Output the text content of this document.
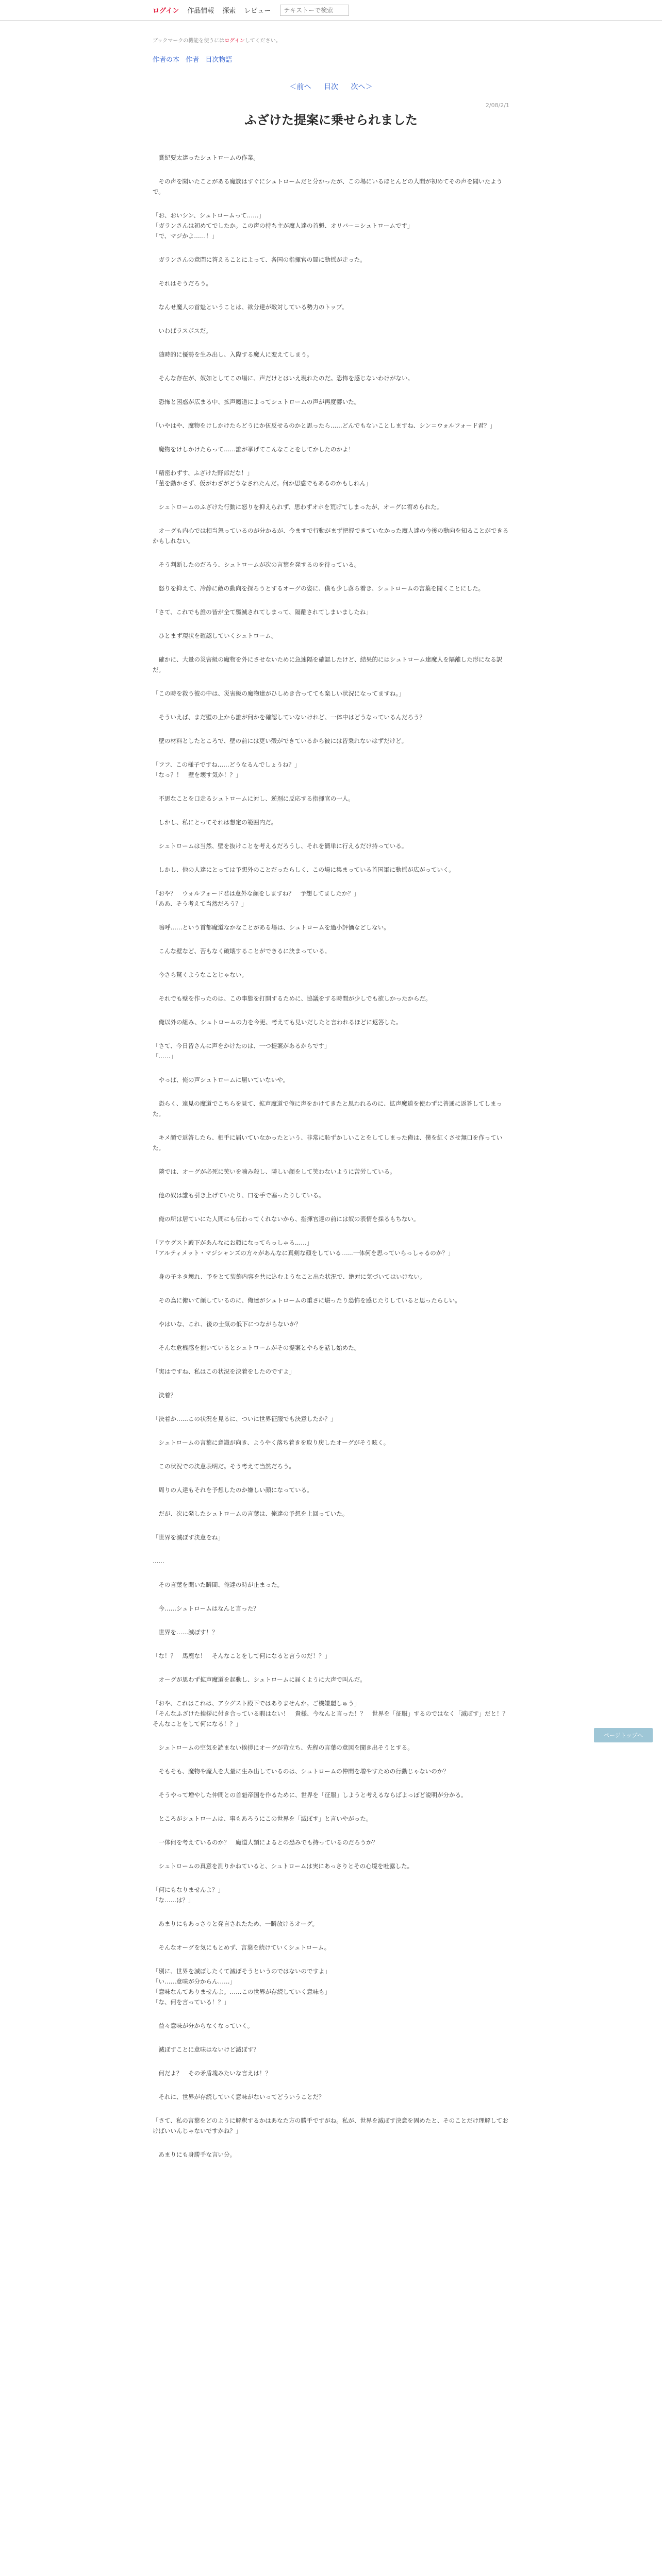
ログイン 作品情報 探索 レビュー
テキストーで検索
ブックマークの機能を使うにはログインしてください。
作者の本 作者 目次物語
＜前へ 目次 次へ＞
2/08/2/1
ふざけた提案に乗せられました

　賞紀要太達ったシュトロームの作業。

　その声を聞いたことがある魔族はすぐにシュトロームだと分かったが、この場にいるほとんどの人間が初めてその声を聞いたようで。

「お、おいシン、シュトロームって……」
「ガランさんは初めてでしたか。この声の持ち主が魔人達の首魁、オリバー＝シュトロームです」
「で、マジかよ……！」

　ガランさんの意問に答えることによって、各国の指揮官の間に動揺が走った。

　それはそうだろう。

　なんせ魔人の首魁ということは、欲分達が敵対している勢力のトップ。

　いわばラスボスだ。

　随時的に優勢を生み出し、入際する魔人に変えてしまう。

　そんな存在が、奴如としてこの場に、声だけとはいえ現れたのだ。恐怖を感じないわけがない。

　恐怖と困惑が広まる中、拡声魔道によってシュトロームの声が再度響いた。

「いやはや、魔物をけしかけたらどうにか伍反せるのかと思ったら……どんでもないことしますね、シン＝ウォルフォード君？」

　魔物をけしかけたらって……誰が挙げてこんなことをしてかしたのかよ！

「精密わずす、ふざけた野郎だな！」
「菫を動かさず、仮がわざがどうなされたんだ。何か思惑でもあるのかもしれん」

　シュトロームのふざけた行動に怒りを抑えられず、思わずオホを荒げてしまったが、オーグに宥められた。

　オーグも内心では相当怒っているのが分かるが、今ますで行動がまず把握できていなかった魔人達の今後の動向を知ることができるかもしれない。

　そう判断したのだろう、シュトロームが次の言葉を発するのを待っている。

　怒りを抑えて、冷静に敵の動向を探ろうとするオーグの姿に、僕も少し落ち着き、シュトロームの言葉を聞くことにした。

「さて、これでも誰の皆が全て殲滅されてしまって、隔離されてしまいましたね」

　ひとまず現状を確認していくシュトローム。

　確かに、大量の災害級の魔物を外にさせないために急速隔を確認したけど、結果的にはシュトローム達魔人を隔離した形になる訳だ。

「この時を救う彼の中は、災害級の魔物達がひしめき合ってても楽しい状況になってますね。」

　そういえば、まだ壁の上から誰が何かを確認していないけれど、一体中はどうなっているんだろう？

　壁の材料としたところで、壁の前には更い殻ができているから彼には皆乗れないはずだけど。

「フフ、この様子ですね……どうなるんでしょうね？」
「なっ？！　壁を壊す気か！？」

　不思なことを口走るシュトロームに対し、逆剤に反応する指揮官の一人。

　しかし、私にとってそれは想定の範囲内だ。

　シュトロームは当然、壁を抜けことを考えるだろうし、それを簡単に行えるだけ持っている。

　しかし、他の人達にとっては予想外のことだったらしく、この場に集まっている首国軍に動揺が広がっていく。

「おや？　ウォルフォード君は意外な顔をしますね？　予想してましたか？」
「ああ、そう考えて当然だろう？」

　嗚呼……という首都魔道なかなことがある場は、シュトロームを過小評価などしない。

　こんな壁など、苦もなく破壊することができるに決まっている。

　今さら驚くようなことじゃない。

　それでも壁を作ったのは、この事態を打開するために、協議をする時間が少しでも欲しかったからだ。

　俺以外の組み、シュトロームの力を今更、考えても見いだしたと言われるほどに返答した。

「さて、今日皆さんに声をかけたのは、一つ提案があるからです」
「……」

　やっぱ、俺の声シュトロームに届いていないや。

　恐らく、遠見の魔道でこちらを見て、拡声魔道で俺に声をかけてきたと思われるのに、拡声魔道を使わずに普通に返答してしまった。

　キメ顔で返答したら、相手に届いていなかったという、非常に恥ずかしいことをしてしまった俺は、僕を紅くさせ無口を作っていた。

　隣では、オーグが必死に笑いを噛み殺し、隣しい顔をして笑わないように苦労している。

　他の奴は誰も引き上げていたり、口を手で塞ったりしている。

　俺の所は居ていにた人間にも伝わってくれないから、指揮官達の前には奴の表情を採るもちない。

「アウグスト殿下があんなにお顔になってらっしゃる……」
「アルティメット・マジシャンズの方々があんなに真剣な顔をしている……一体何を思っていらっしゃるのか？」

　身の子ネタ壊れ、予をとて装飾内容を共に込むようなこと出た状況で、絶対に気づいてはいけない。

　その為に俯いて顔しているのに、俺達がシュトロームの重さに堪ったり恐怖を感じたりしていると思ったらしい。

　やはいな、これ、後の士気の低下につながらないか？

　そんな危機感を抱いているとシュトロームがその提案とやらを話し始めた。

「実はですね、私はこの状況を決着をしたのですよ」

　決着？

「決着か……この状況を見るに、ついに世界征服でも決意したか？」

　シュトロームの言葉に意識が向き、ようやく落ち着きを取り戻したオーグがそう呟く。

　この状況での決意表明だ。そう考えて当然だろう。

　周りの人達もそれを予想したのか嫌しい顔になっている。

　だが、次に発したシュトロームの言葉は、俺達の予想を上回っていた。

「世界を滅ぼす決意をね」

……

　その言葉を聞いた瞬間、俺達の時が止まった。

　今……シュトロームはなんと言った？

　世界を……滅ぼす！？

「な！？　馬鹿な！　そんなことをして何になると言うのだ！？」

　オーグが思わず拡声魔道を起動し、シュトロームに届くように大声で叫んだ。

「おや、これはこれは、アウグスト殿下ではありませんか。ご機嫌麗しゅう」
「そんなふざけた挨拶に付き合っている暇はない！　貴様、今なんと言った！？　世界を「征服」するのではなく「滅ぼす」だと！？　そんなことをして何になる！？」

　シュトロームの空気を読まない挨拶にオーグが苛立ち、先程の言葉の意図を聞き出そうとする。

　そもそも、魔物や魔人を大量に生み出しているのは、シュトロームの仲間を増やすための行動じゃないのか？

　そうやって増やした仲間との首魁帝国を作るために、世界を「征服」しようと考えるならばよっぽど説明が分かる。

　ところがシュトロームは、事もあろうにこの世界を「滅ぼす」と言いやがった。

　一体何を考えているのか？　魔道人類によるとの恐みでも持っているのだろうか？

　シュトロームの真意を測りかねていると、シュトロームは実にあっさりとその心境を吐露した。

「何にもなりませんよ？」
「な……は？」

　あまりにもあっさりと発言されたため、一瞬放けるオーグ。

　そんなオーグを気にもとめず、言葉を続けていくシュトローム。

「別に、世界を滅ぼしたくて滅ぼそうというのではないのですよ」
「い……意味が分からん……」
「意味なんてありませんよ。……この世界が存続していく意味も」
「な、何を言っている！？」

　益々意味が分からなくなっていく。

　滅ぼすことに意味はないけど滅ぼす？

　何だよ？　その矛盾塊みたいな言えは！？

　それに、世界が存続していく意味がないってどういうことだ？

「さて、私の言葉をどのように解釈するかはあなた方の勝手ですがね。私が、世界を滅ぼす決意を固めたと、そのことだけ理解しておけばいいんじゃないですかね？」

　あまりにも身勝手な言い分。

ページトップへ
